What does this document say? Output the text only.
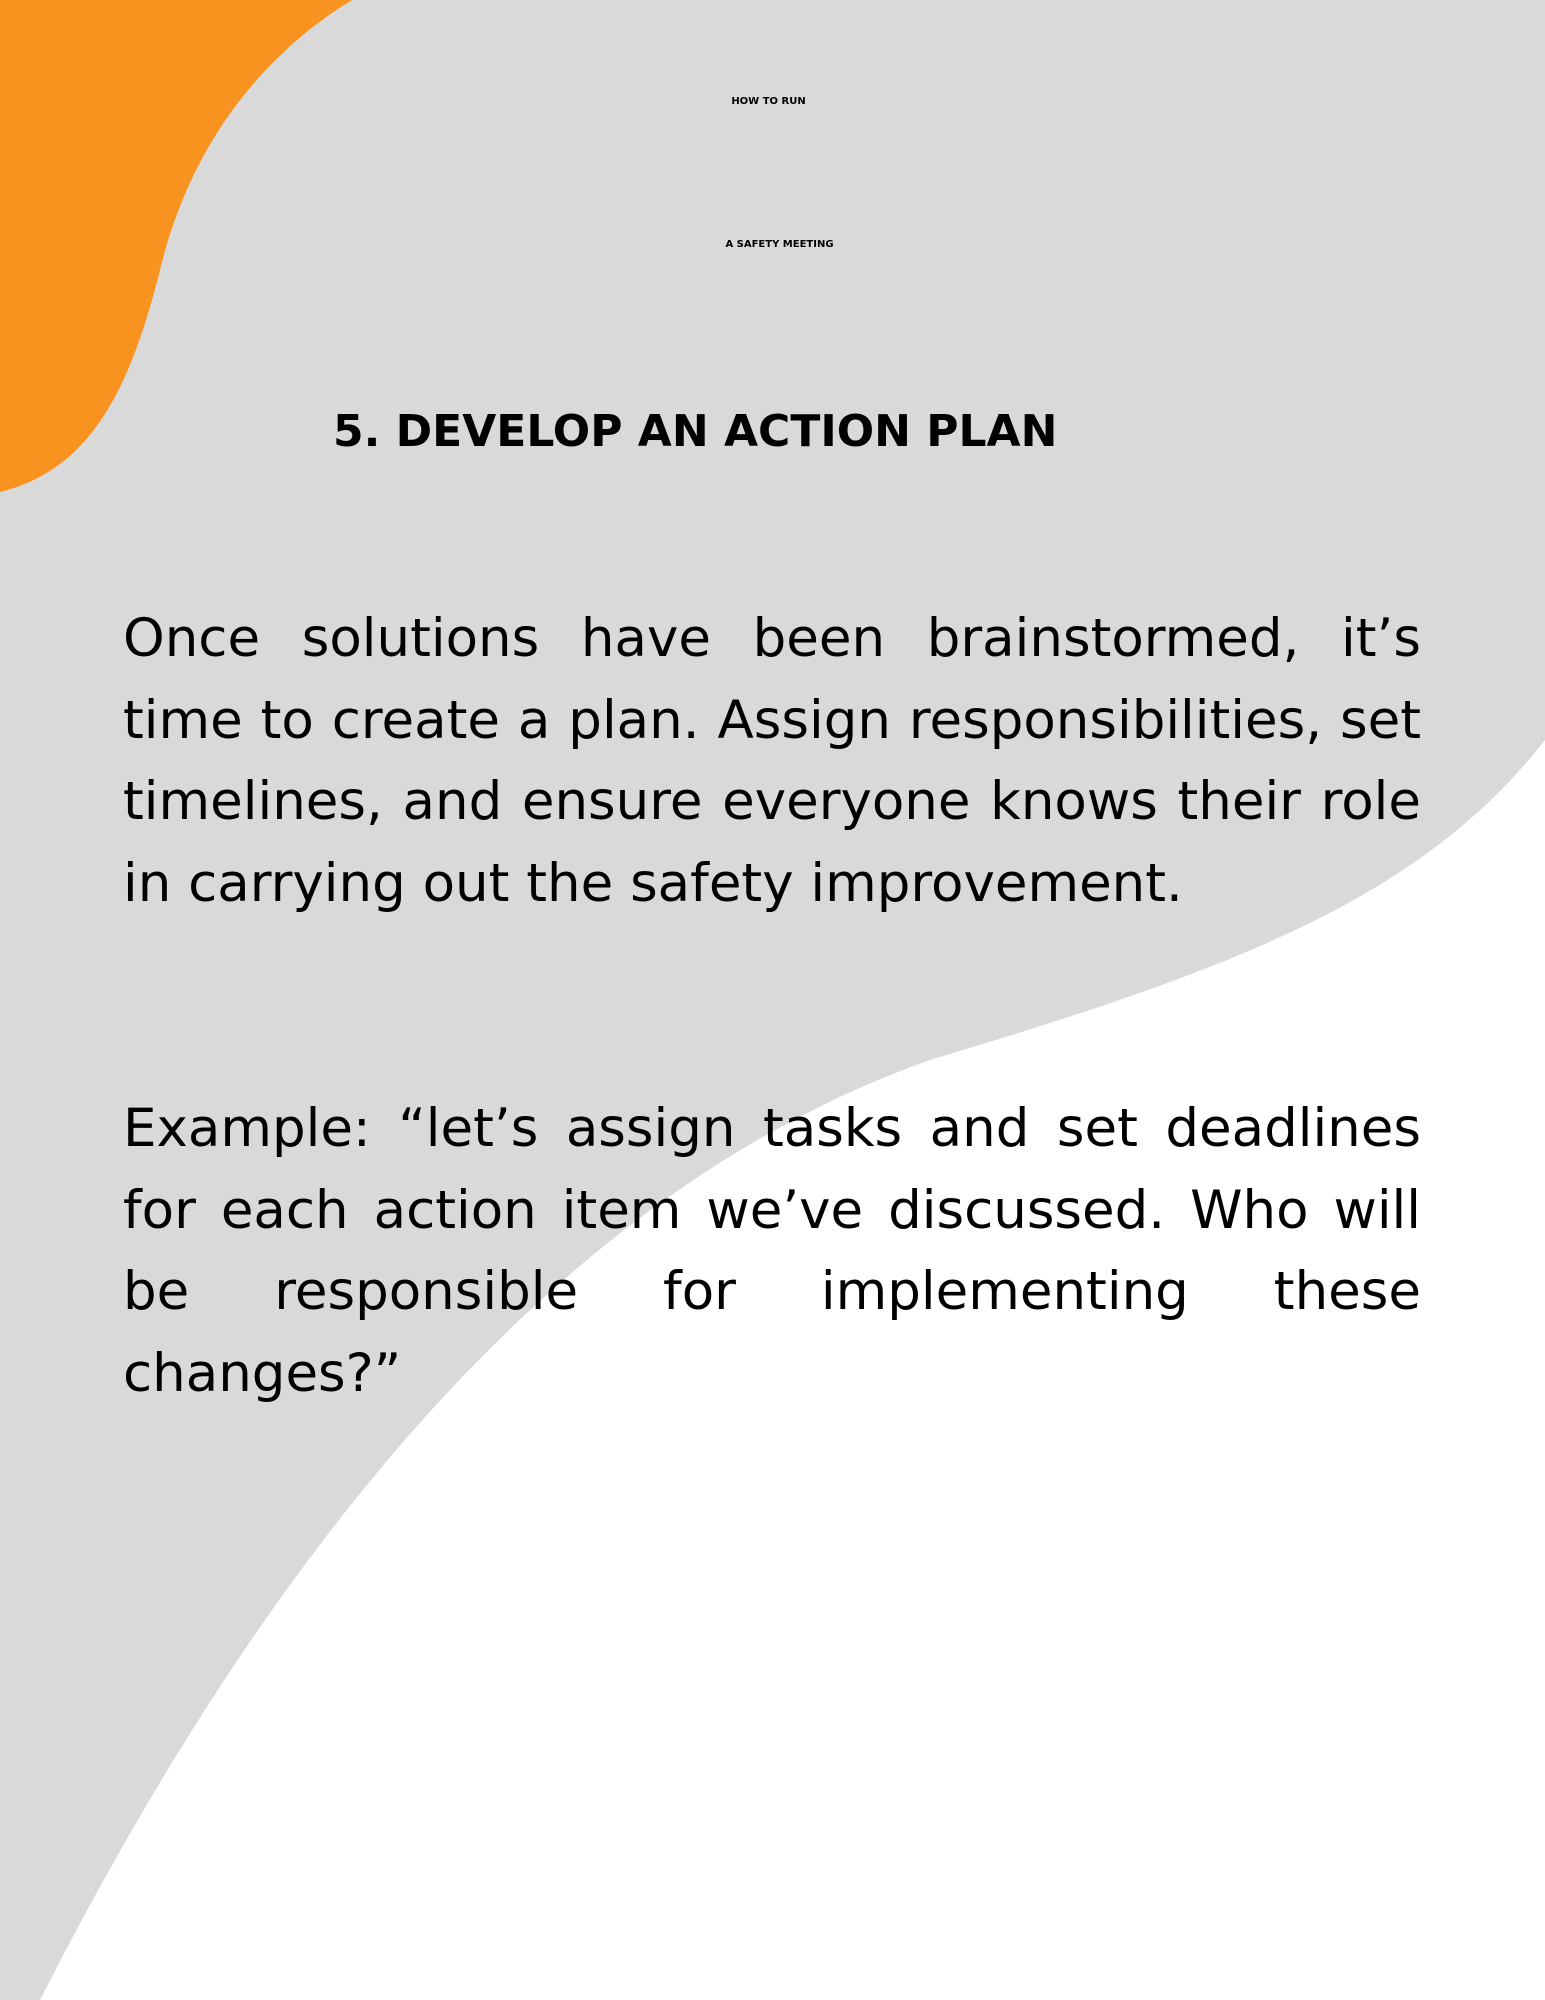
HOW TO RUN
A SAFETY MEETING
5. DEVELOP AN ACTION PLAN

Once solutions have been brainstormed, it’s time to create a plan. Assign responsibilities, set timelines, and ensure everyone knows their role in carrying out the safety improvement.

Example: “let’s assign tasks and set deadlines for each action item we’ve discussed. Who will be responsible for implementing these changes?”
